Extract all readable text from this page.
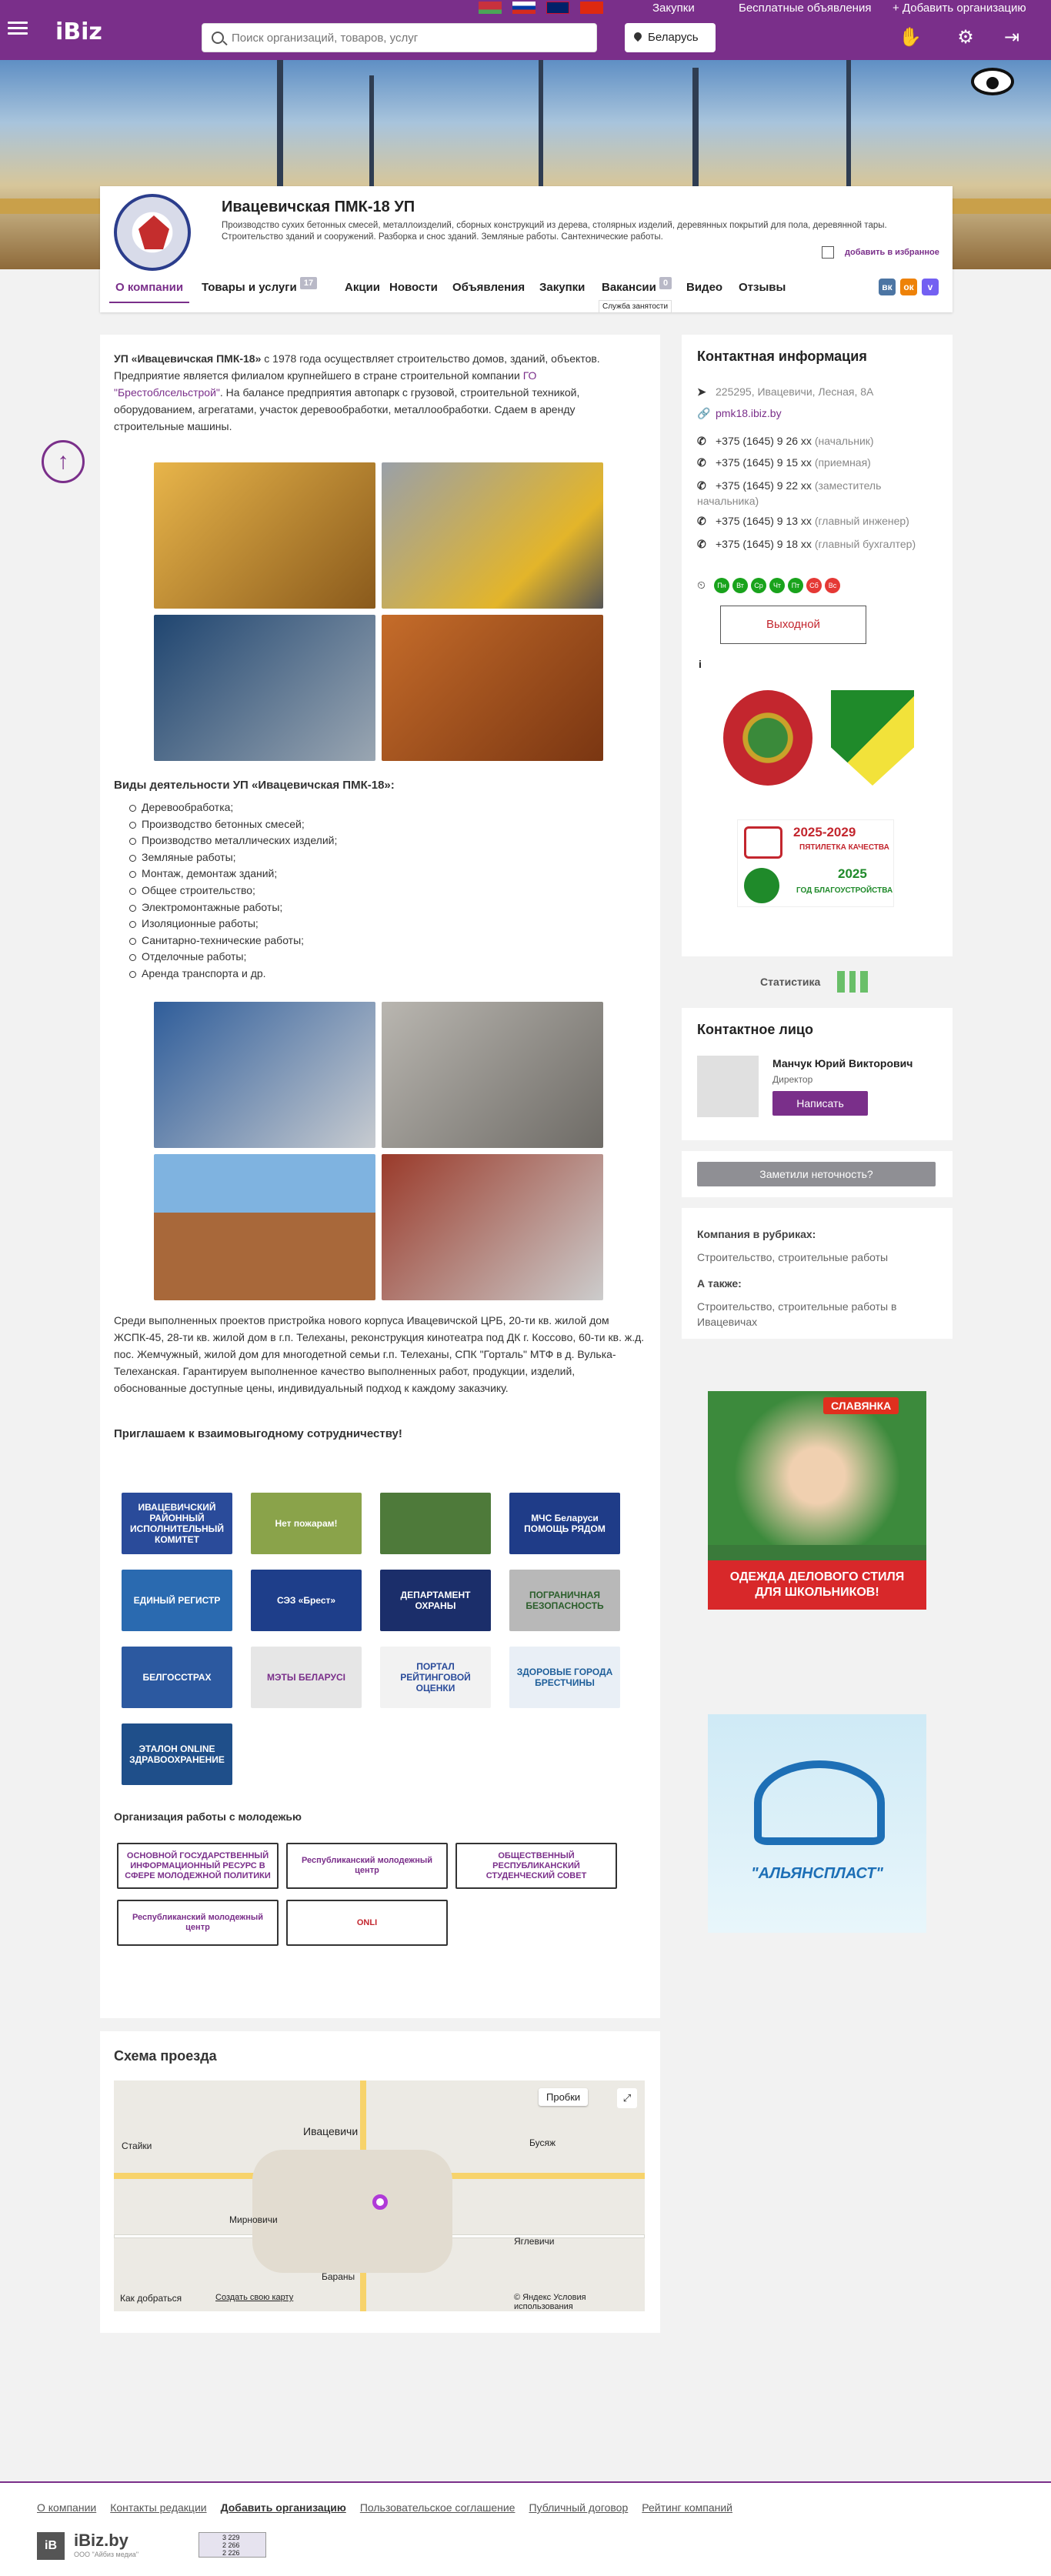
iBiz
Закупки	Бесплатные объявления + Добавить организацию
Поиск организаций, товаров, услуг
Беларусь	✋ ⚙ ⇥
Ивацевичская ПМК-18 УП
Производство сухих бетонных смесей, металлоизделий, сборных конструкций из дерева, столярных изделий, деревянных покрытий для пола, деревянной тары. Строительство зданий и сооружений. Разборка и снос зданий. Земляные работы. Сантехнические работы.
добавить в избранное
О компании	Товары и услуги 17	Акции Новости Объявления Закупки Вакансии 0	Видео Отзывы	вк	ок	v
Служба занятости
↑
УП «Ивацевичская ПМК-18» с 1978 года осуществляет строительство домов, зданий, объектов. Предприятие является филиалом крупнейшего в стране строительной компании ГО "Брестоблсельстрой". На балансе предприятия автопарк с грузовой, строительной техникой, оборудованием, агрегатами, участок деревообработки, металлообработки. Сдаем в аренду строительные машины.
Виды деятельности УП «Ивацевичская ПМК-18»:
Деревообработка;
Производство бетонных смесей;
Производство металлических изделий;
Земляные работы;
Монтаж, демонтаж зданий;
Общее строительство;
Электромонтажные работы;
Изоляционные работы;
Санитарно-технические работы;
Отделочные работы;
Аренда транспорта и др.
Среди выполненных проектов пристройка нового корпуса Ивацевичской ЦРБ, 20-ти кв. жилой дом ЖСПК-45, 28-ти кв. жилой дом в г.п. Телеханы, реконструкция кинотеатра под ДК г. Коссово, 60-ти кв. ж.д. пос. Жемчужный, жилой дом для многодетной семьи г.п. Телеханы, СПК "Горталь" МТФ в д. Вулька-Телеханская. Гарантируем выполненное качество выполненных работ, продукции, изделий, обоснованные доступные цены, индивидуальный подход к каждому заказчику.
Приглашаем к взаимовыгодному сотрудничеству!
ИВАЦЕВИЧСКИЙ РАЙОННЫЙ ИСПОЛНИТЕЛЬНЫЙ КОМИТЕТ
Нет пожарам!	МЧС Беларуси ПОМОЩЬ РЯДОМ
ЕДИНЫЙ РЕГИСТР	СЭЗ «Брест»	ДЕПАРТАМЕНТ ОХРАНЫ
ПОГРАНИЧНАЯ БЕЗОПАСНОСТЬ
БЕЛГОССТРАХ	МЭТЫ БЕЛАРУСІ
ПОРТАЛ РЕЙТИНГОВОЙ ОЦЕНКИ
ЗДОРОВЫЕ ГОРОДА БРЕСТЧИНЫ
ЭТАЛОН ONLINE ЗДРАВООХРАНЕНИЕ
Организация работы с молодежью
ОСНОВНОЙ ГОСУДАРСТВЕННЫЙ ИНФОРМАЦИОННЫЙ РЕСУРС В СФЕРЕ МОЛОДЕЖНОЙ ПОЛИТИКИ
Республиканский молодежный центр
ОБЩЕСТВЕННЫЙ РЕСПУБЛИКАНСКИЙ СТУДЕНЧЕСКИЙ СОВЕТ
Республиканский молодежный центр
ONLI
Схема проезда
Ивацевичи
Стайки
Яглевичи
Бараны
Бусяж
Мирновичи
Пробки	⤢
Как добраться	Создать свою карту	© Яндекс Условия использования
Контактная информация
➤ 225295, Ивацевичи, Лесная, 8А
🔗 pmk18.ibiz.by
✆ +375 (1645) 9 26 хх (начальник)
✆ +375 (1645) 9 15 хх (приемная)
✆ +375 (1645) 9 22 хх (заместитель начальника)
✆ +375 (1645) 9 13 хх (главный инженер)
✆ +375 (1645) 9 18 хх (главный бухгалтер)
⏲ Пн Вт Ср Чт Пт Сб Вс
Выходной
i
2025-2029
ПЯТИЛЕТКА КАЧЕСТВА
2025
ГОД БЛАГОУСТРОЙСТВА
Статистика
Контактное лицо
Манчук Юрий Викторович
Директор
Написать
Заметили неточность?
Компания в рубриках:
Строительство, строительные работы
А также:
Строительство, строительные работы в Ивацевичах
СЛАВЯНКА
ОДЕЖДА ДЕЛОВОГО СТИЛЯ ДЛЯ ШКОЛЬНИКОВ!
"АЛЬЯНСПЛАСТ"
О компании Контакты редакции Добавить организацию Пользовательское соглашение Публичный договор Рейтинг компаний
iB	iBiz.by
ООО "Айбиз медиа"
3 229
2 266
2 226
